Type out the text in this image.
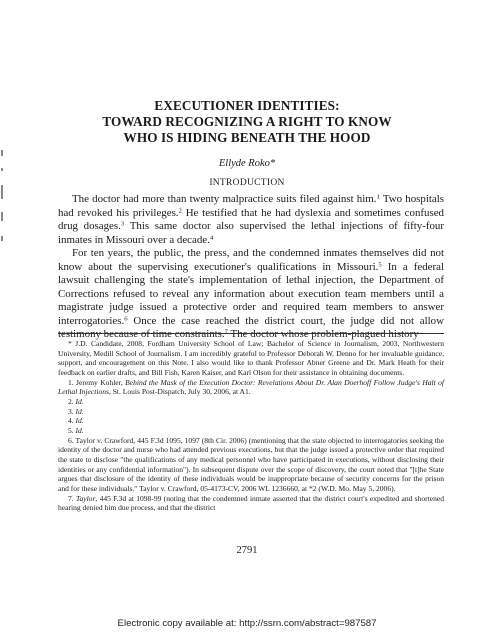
EXECUTIONER IDENTITIES:
TOWARD RECOGNIZING A RIGHT TO KNOW
WHO IS HIDING BENEATH THE HOOD
Ellyde Roko*
INTRODUCTION

The doctor had more than twenty malpractice suits filed against him.$^1$ Two hospitals had revoked his privileges.$^2$ He testified that he had dyslexia and sometimes confused drug dosages.$^3$ This same doctor also supervised the lethal injections of fifty-four inmates in Missouri over a decade.$^4$

For ten years, the public, the press, and the condemned inmates themselves did not know about the supervising executioner's qualifications in Missouri.$^5$ In a federal lawsuit challenging the state's implementation of lethal injection, the Department of Corrections refused to reveal any information about execution team members until a magistrate judge issued a protective order and required team members to answer interrogatories.$^6$ Once the case reached the district court, the judge did not allow testimony because of time constraints.$^7$ The doctor whose problem-plagued history

* J.D. Candidate, 2008, Fordham University School of Law; Bachelor of Science in Journalism, 2003, Northwestern University, Medill School of Journalism. I am incredibly grateful to Professor Deborah W. Denno for her invaluable guidance, support, and encouragement on this Note. I also would like to thank Professor Abner Greene and Dr. Mark Heath for their feedback on earlier drafts, and Bill Fish, Karen Kaiser, and Karl Olson for their assistance in obtaining documents.

1. Jeremy Kohler, Behind the Mask of the Execution Doctor: Revelations About Dr. Alan Doerhoff Follow Judge's Halt of Lethal Injections, St. Louis Post-Dispatch, July 30, 2006, at A1.

2. Id.

3. Id.

4. Id.

5. Id.

6. Taylor v. Crawford, 445 F.3d 1095, 1097 (8th Cir. 2006) (mentioning that the state objected to interrogatories seeking the identity of the doctor and nurse who had attended previous executions, but that the judge issued a protective order that required the state to disclose "the qualifications of any medical personnel who have participated in executions, without disclosing their identities or any confidential information"). In subsequent dispute over the scope of discovery, the court noted that "[t]he State argues that disclosure of the identity of these individuals would be inappropriate because of security concerns for the prison and for these individuals." Taylor v. Crawford, 05-4173-CV, 2006 WL 1236660, at *2 (W.D. Mo. May 5, 2006).

7. Taylor, 445 F.3d at 1098-99 (noting that the condemned inmate asserted that the district court's expedited and shortened hearing denied him due process, and that the district

2791
Electronic copy available at: http://ssrn.com/abstract=987587
